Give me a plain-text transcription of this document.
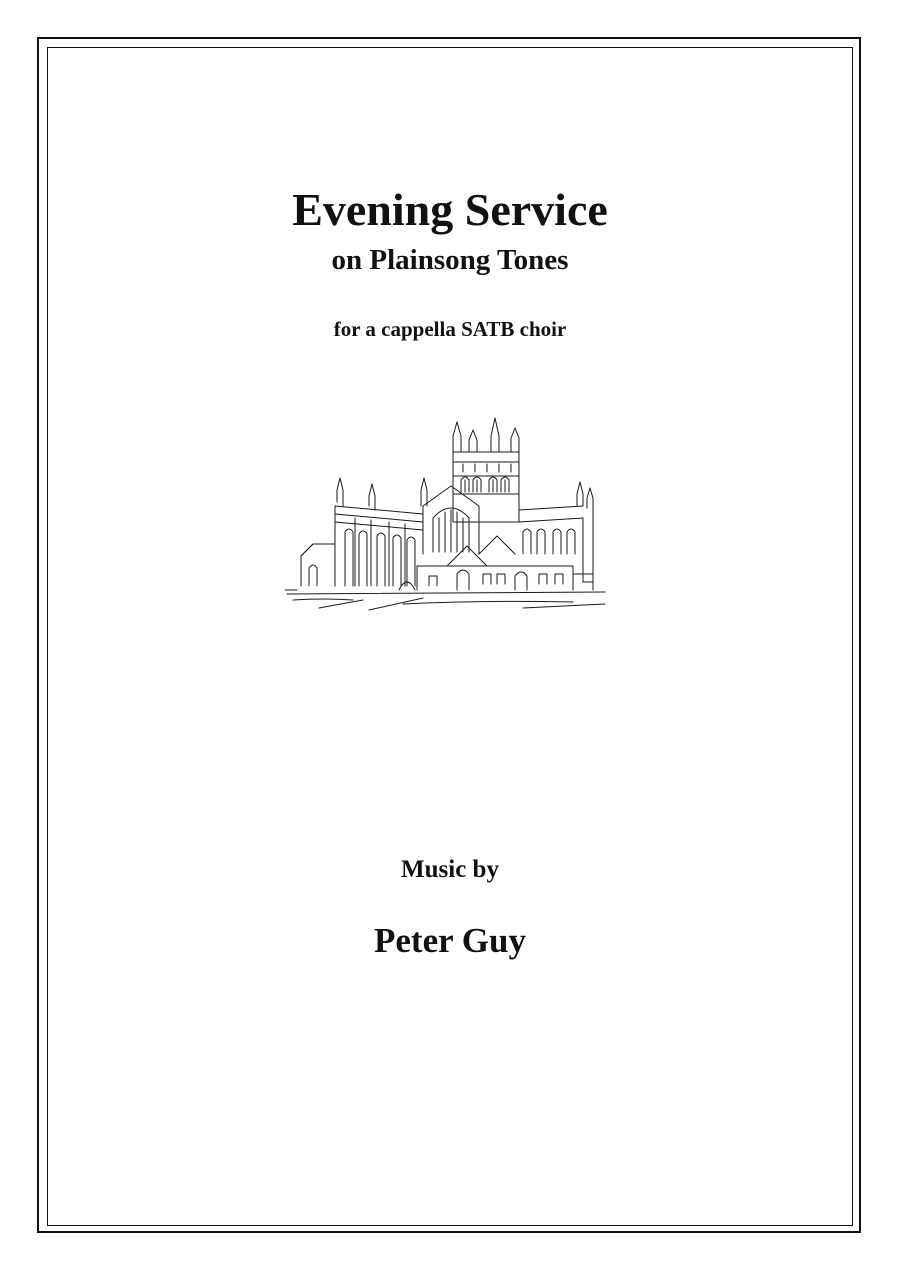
Evening Service
on Plainsong Tones

for a cappella SATB choir

Music by

Peter Guy
